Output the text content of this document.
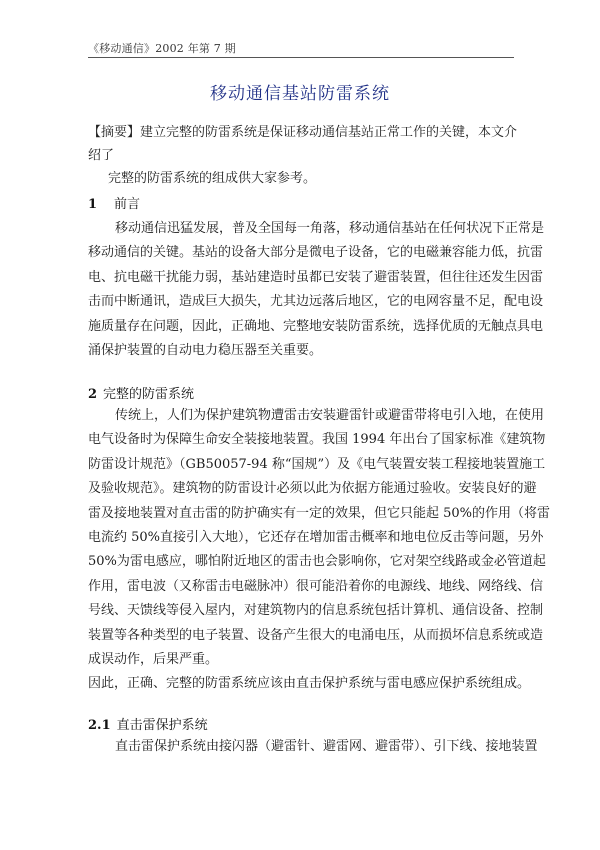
《移动通信》2002 年第 7 期
移动通信基站防雷系统

【摘要】建立完整的防雷系统是保证移动通信基站正常工作的关键，本文介绍了

完整的防雷系统的组成供大家参考。

1 前言
移动通信迅猛发展，普及全国每一角落，移动通信基站在任何状况下正常是
移动通信的关键。基站的设备大部分是微电子设备，它的电磁兼容能力低，抗雷
电、抗电磁干扰能力弱，基站建造时虽都已安装了避雷装置，但往往还发生因雷
击而中断通讯，造成巨大损失，尤其边远落后地区，它的电网容量不足，配电设
施质量存在问题，因此，正确地、完整地安装防雷系统，选择优质的无触点具电
涌保护装置的自动电力稳压器至关重要。
2 完整的防雷系统
传统上，人们为保护建筑物遭雷击安装避雷针或避雷带将电引入地，在使用
电气设备时为保障生命安全装接地装置。我国 1994 年出台了国家标准《建筑物
防雷设计规范》（GB50057-94 称“国规”）及《电气装置安装工程接地装置施工
及验收规范》。建筑物的防雷设计必须以此为依据方能通过验收。安装良好的避
雷及接地装置对直击雷的防护确实有一定的效果，但它只能起 50%的作用（将雷
电流约 50%直接引入大地），它还存在增加雷击概率和地电位反击等问题，另外
50%为雷电感应，哪怕附近地区的雷击也会影响你，它对架空线路或金必管道起
作用，雷电波（又称雷击电磁脉冲）很可能沿着你的电源线、地线、网络线、信
号线、天馈线等侵入屋内，对建筑物内的信息系统包括计算机、通信设备、控制
装置等各种类型的电子装置、设备产生很大的电涌电压，从而损坏信息系统或造
成误动作，后果严重。
因此，正确、完整的防雷系统应该由直击保护系统与雷电感应保护系统组成。
2.1 直击雷保护系统
直击雷保护系统由接闪器（避雷针、避雷网、避雷带）、引下线、接地装置
